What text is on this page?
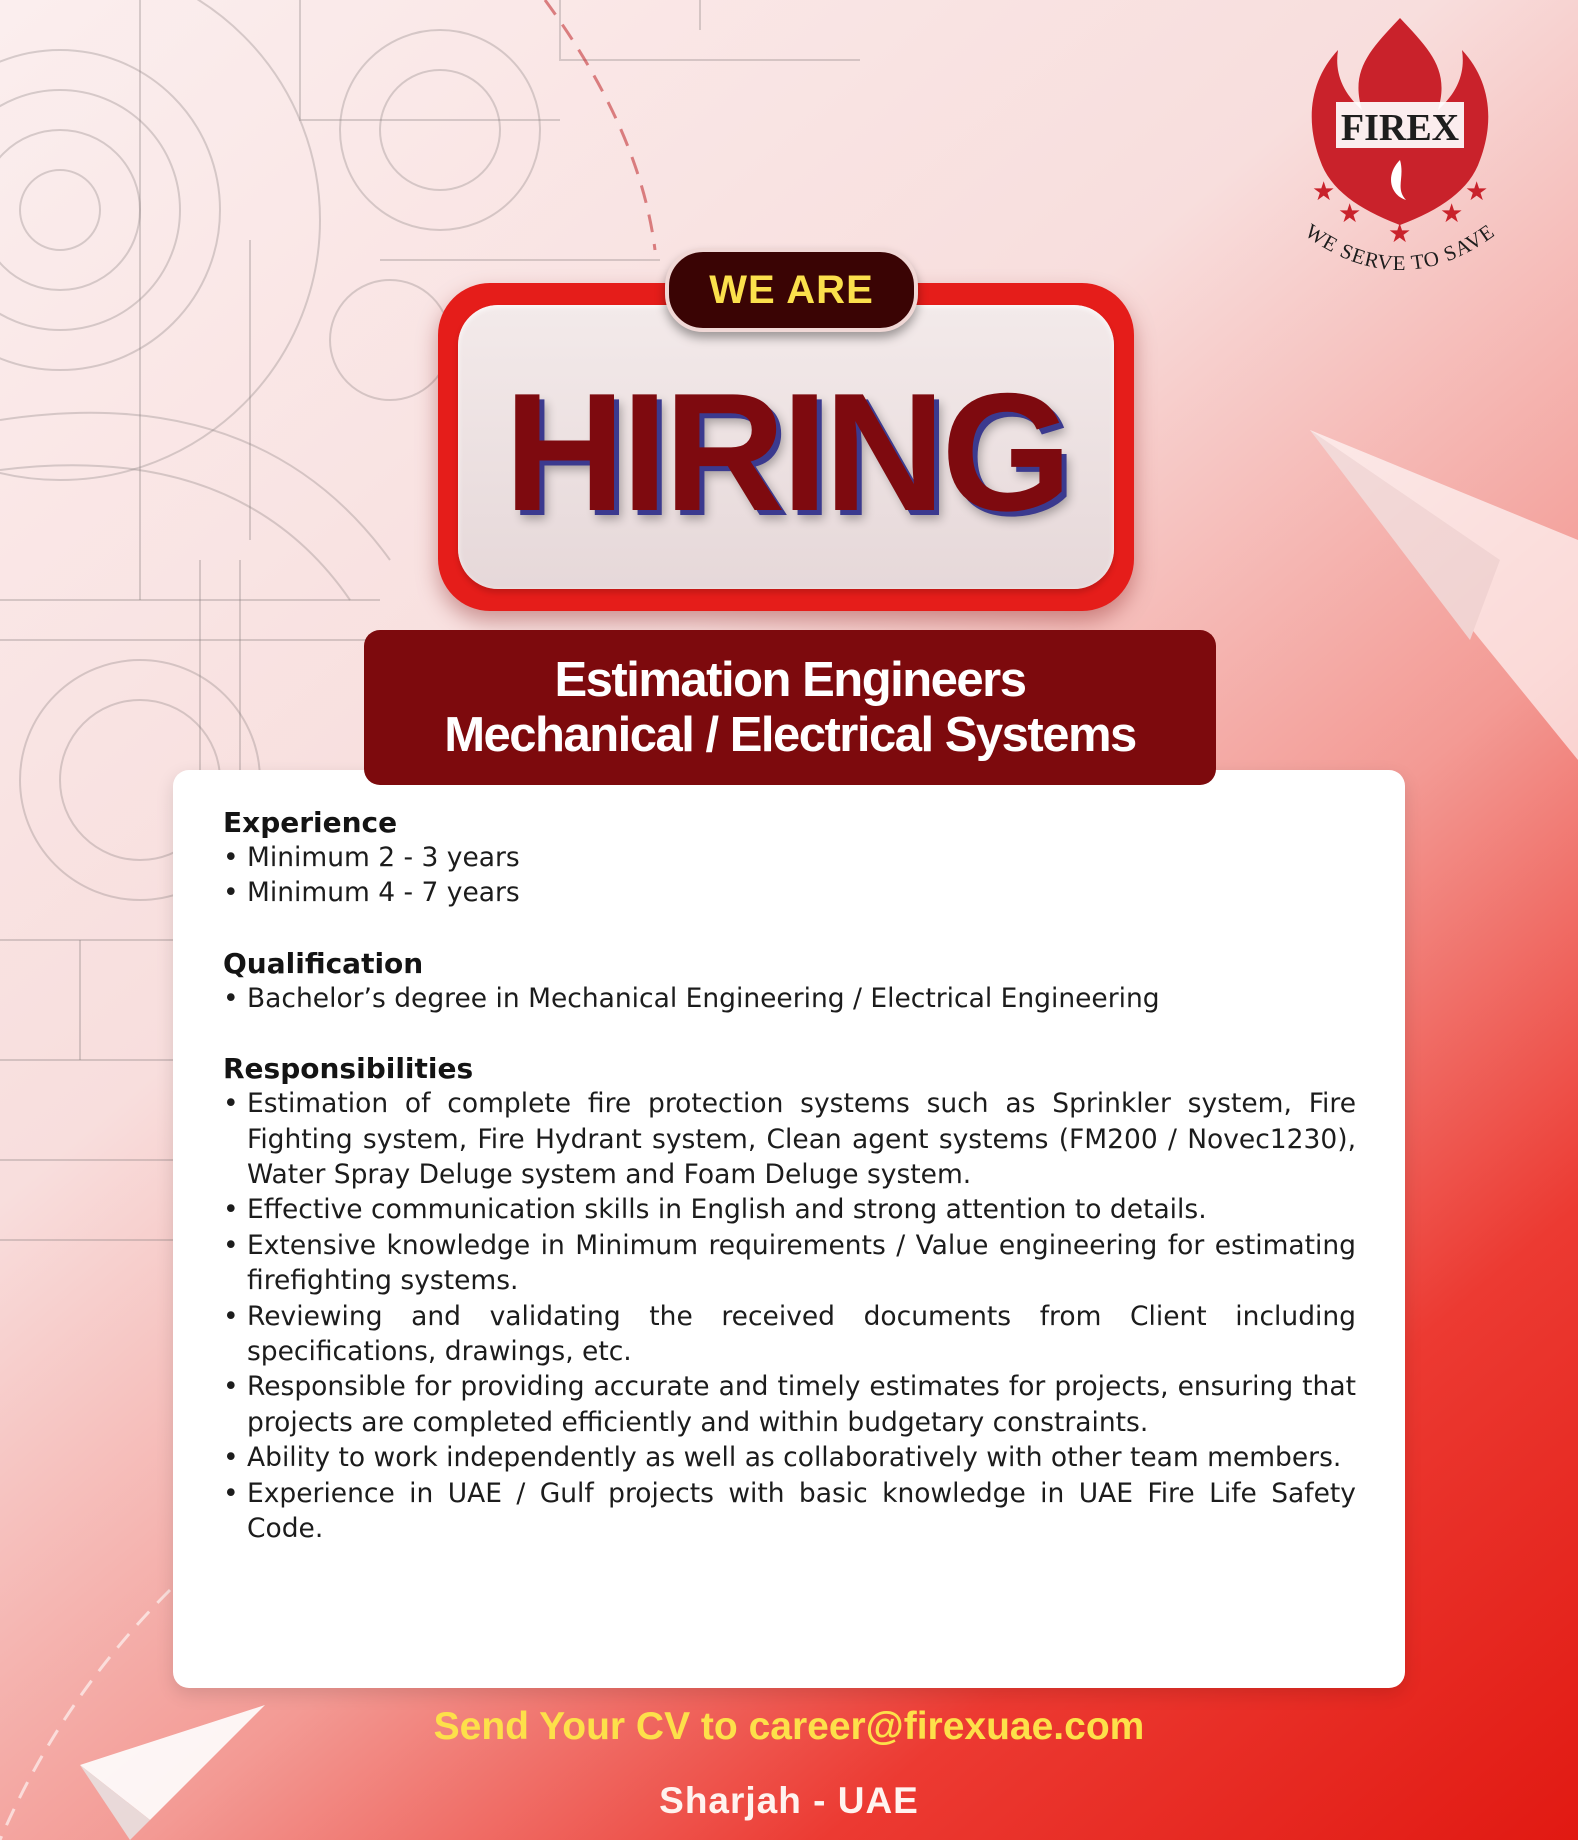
FIREX
WE SERVE TO SAVE
★
★
★
★
★
WE ARE
HIRING
Estimation Engineers
Mechanical / Electrical Systems

Experience

• Minimum 2 - 3 years
• Minimum 4 - 7 years

Qualification

• Bachelor’s degree in Mechanical Engineering / Electrical Engineering

Responsibilities

• Estimation of complete fire protection systems such as Sprinkler system, Fire Fighting system, Fire Hydrant system, Clean agent systems (FM200 / Novec1230), Water Spray Deluge system and Foam Deluge system.
• Effective communication skills in English and strong attention to details.
• Extensive knowledge in Minimum requirements / Value engineering for estimating firefighting systems.
• Reviewing and validating the received documents from Client including specifications, drawings, etc.
• Responsible for providing accurate and timely estimates for projects, ensuring that projects are completed efficiently and within budgetary constraints.
• Ability to work independently as well as collaboratively with other team members.
• Experience in UAE / Gulf projects with basic knowledge in UAE Fire Life Safety Code.
Send Your CV to career@firexuae.com
Sharjah - UAE
